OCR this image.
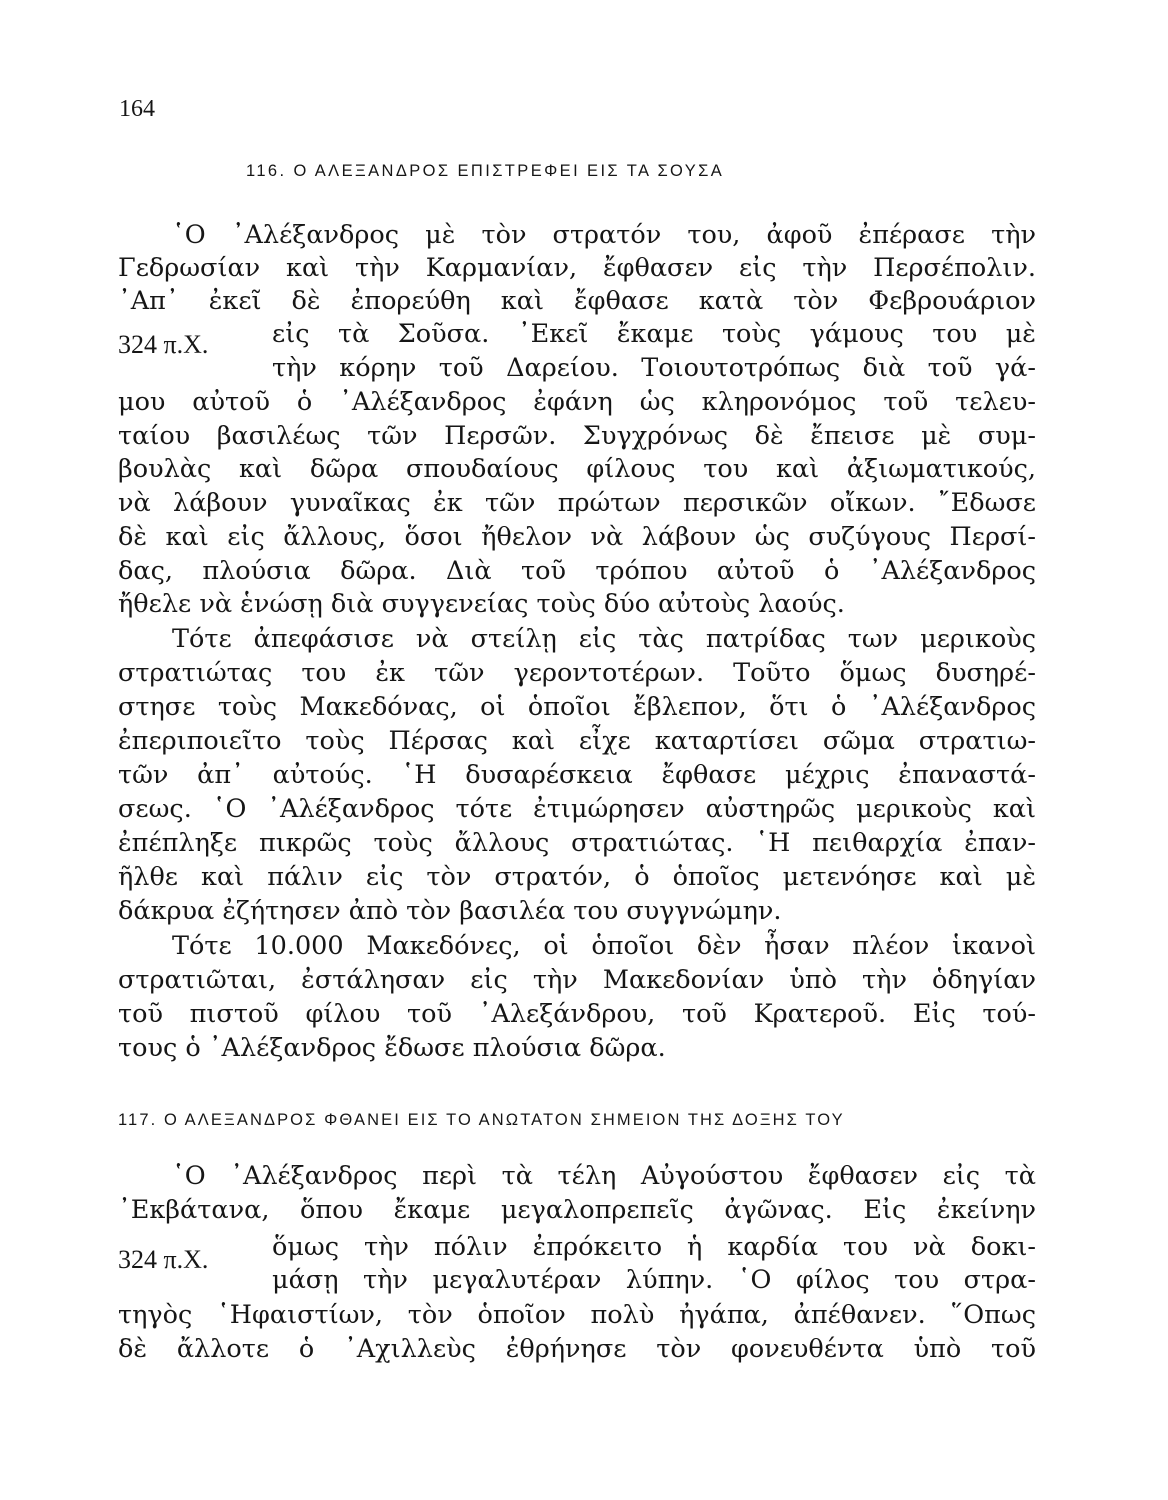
164
116. Ο ΑΛΕΞΑΝΔΡΟΣ ΕΠΙΣΤΡΕΦΕΙ ΕΙΣ ΤΑ ΣΟΥΣΑ
324 π.Χ.
῾Ο ᾿Αλέξανδρος μὲ τὸν στρατόν του, ἀφοῦ ἐπέρασε τὴν
Γεδρωσίαν καὶ τὴν Καρμανίαν, ἔφθασεν εἰς τὴν Περσέπολιν.
᾿Απ᾿ ἐκεῖ δὲ ἐπορεύθη καὶ ἔφθασε κατὰ τὸν Φεβρουάριον
εἰς τὰ Σοῦσα. ᾿Εκεῖ ἔκαμε τοὺς γάμους του μὲ
τὴν κόρην τοῦ Δαρείου. Τοιουτοτρόπως διὰ τοῦ γά-
μου αὐτοῦ ὁ ᾿Αλέξανδρος ἐφάνη ὡς κληρονόμος τοῦ τελευ-
ταίου βασιλέως τῶν Περσῶν. Συγχρόνως δὲ ἔπεισε μὲ συμ-
βουλὰς καὶ δῶρα σπουδαίους φίλους του καὶ ἀξιωματικούς,
νὰ λάβουν γυναῖκας ἐκ τῶν πρώτων περσικῶν οἴκων. ῎Εδωσε
δὲ καὶ εἰς ἄλλους, ὅσοι ἤθελον νὰ λάβουν ὡς συζύγους Περσί-
δας, πλούσια δῶρα. Διὰ τοῦ τρόπου αὐτοῦ ὁ ᾿Αλέξανδρος
ἤθελε νὰ ἑνώσῃ διὰ συγγενείας τοὺς δύο αὐτοὺς λαούς.
Τότε ἀπεφάσισε νὰ στείλῃ εἰς τὰς πατρίδας των μερικοὺς
στρατιώτας του ἐκ τῶν γεροντοτέρων. Τοῦτο ὅμως δυσηρέ-
στησε τοὺς Μακεδόνας, οἱ ὁποῖοι ἔβλεπον, ὅτι ὁ ᾿Αλέξανδρος
ἐπεριποιεῖτο τοὺς Πέρσας καὶ εἶχε καταρτίσει σῶμα στρατιω-
τῶν ἀπ᾿ αὐτούς. ῾Η δυσαρέσκεια ἔφθασε μέχρις ἐπαναστά-
σεως. ῾Ο ᾿Αλέξανδρος τότε ἐτιμώρησεν αὐστηρῶς μερικοὺς καὶ
ἐπέπληξε πικρῶς τοὺς ἄλλους στρατιώτας. ῾Η πειθαρχία ἐπαν-
ῆλθε καὶ πάλιν εἰς τὸν στρατόν, ὁ ὁποῖος μετενόησε καὶ μὲ
δάκρυα ἐζήτησεν ἀπὸ τὸν βασιλέα του συγγνώμην.
Τότε 10.000 Μακεδόνες, οἱ ὁποῖοι δὲν ἦσαν πλέον ἱκανοὶ
στρατιῶται, ἐστάλησαν εἰς τὴν Μακεδονίαν ὑπὸ τὴν ὁδηγίαν
τοῦ πιστοῦ φίλου τοῦ ᾿Αλεξάνδρου, τοῦ Κρατεροῦ. Εἰς τού-
τους ὁ ᾿Αλέξανδρος ἔδωσε πλούσια δῶρα.
117. Ο ΑΛΕΞΑΝΔΡΟΣ ΦΘΑΝΕΙ ΕΙΣ ΤΟ ΑΝΩΤΑΤΟΝ ΣΗΜΕΙΟΝ ΤΗΣ ΔΟΞΗΣ ΤΟΥ
324 π.Χ.
῾Ο ᾿Αλέξανδρος περὶ τὰ τέλη Αὐγούστου ἔφθασεν εἰς τὰ
᾿Εκβάτανα, ὅπου ἔκαμε μεγαλοπρεπεῖς ἀγῶνας. Εἰς ἐκείνην
ὅμως τὴν πόλιν ἐπρόκειτο ἡ καρδία του νὰ δοκι-
μάσῃ τὴν μεγαλυτέραν λύπην. ῾Ο φίλος του στρα-
τηγὸς ῾Ηφαιστίων, τὸν ὁποῖον πολὺ ἠγάπα, ἀπέθανεν. ῞Οπως
δὲ ἄλλοτε ὁ ᾿Αχιλλεὺς ἐθρήνησε τὸν φονευθέντα ὑπὸ τοῦ
